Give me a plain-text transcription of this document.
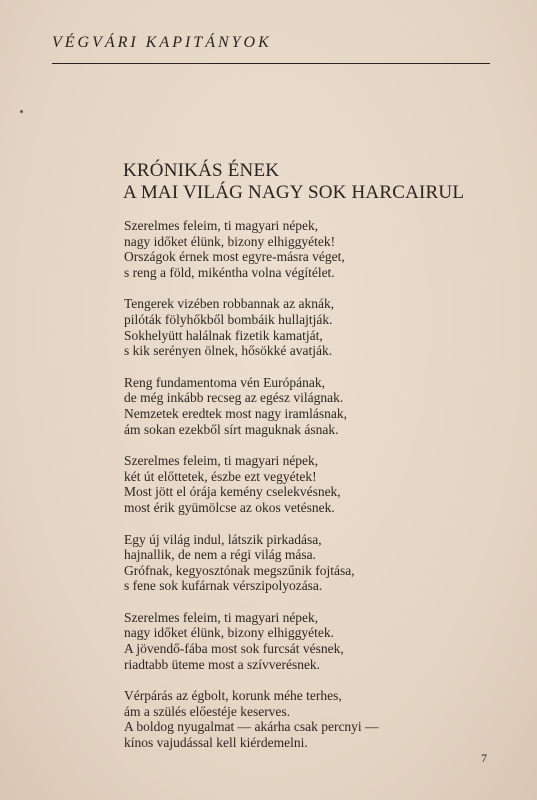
VÉGVÁRI KAPITÁNYOK
KRÓNIKÁS ÉNEK
A MAI VILÁG NAGY SOK HARCAIRUL
Szerelmes feleim, ti magyari népek,
nagy időket élünk, bizony elhiggyétek!
Országok érnek most egyre-másra véget,
s reng a föld, mikéntha volna végítélet.
Tengerek vizében robbannak az aknák,
pilóták fölyhőkből bombáik hullajtják.
Sokhelyütt halálnak fizetik kamatját,
s kik serényen ölnek, hősökké avatják.
Reng fundamentoma vén Európának,
de még inkább recseg az egész világnak.
Nemzetek eredtek most nagy iramlásnak,
ám sokan ezekből sírt maguknak ásnak.
Szerelmes feleim, ti magyari népek,
két út előttetek, észbe ezt vegyétek!
Most jött el órája kemény cselekvésnek,
most érik gyümölcse az okos vetésnek.
Egy új világ indul, látszik pirkadása,
hajnallik, de nem a régi világ mása.
Grófnak, kegyosztónak megszűnik fojtása,
s fene sok kufárnak vérszipolyozása.
Szerelmes feleim, ti magyari népek,
nagy időket élünk, bizony elhiggyétek.
A jövendő-fába most sok furcsát vésnek,
riadtabb üteme most a szívverésnek.
Vérpárás az égbolt, korunk méhe terhes,
ám a szülés előestéje keserves.
A boldog nyugalmat — akárha csak percnyi —
kínos vajudással kell kiérdemelni.
7
